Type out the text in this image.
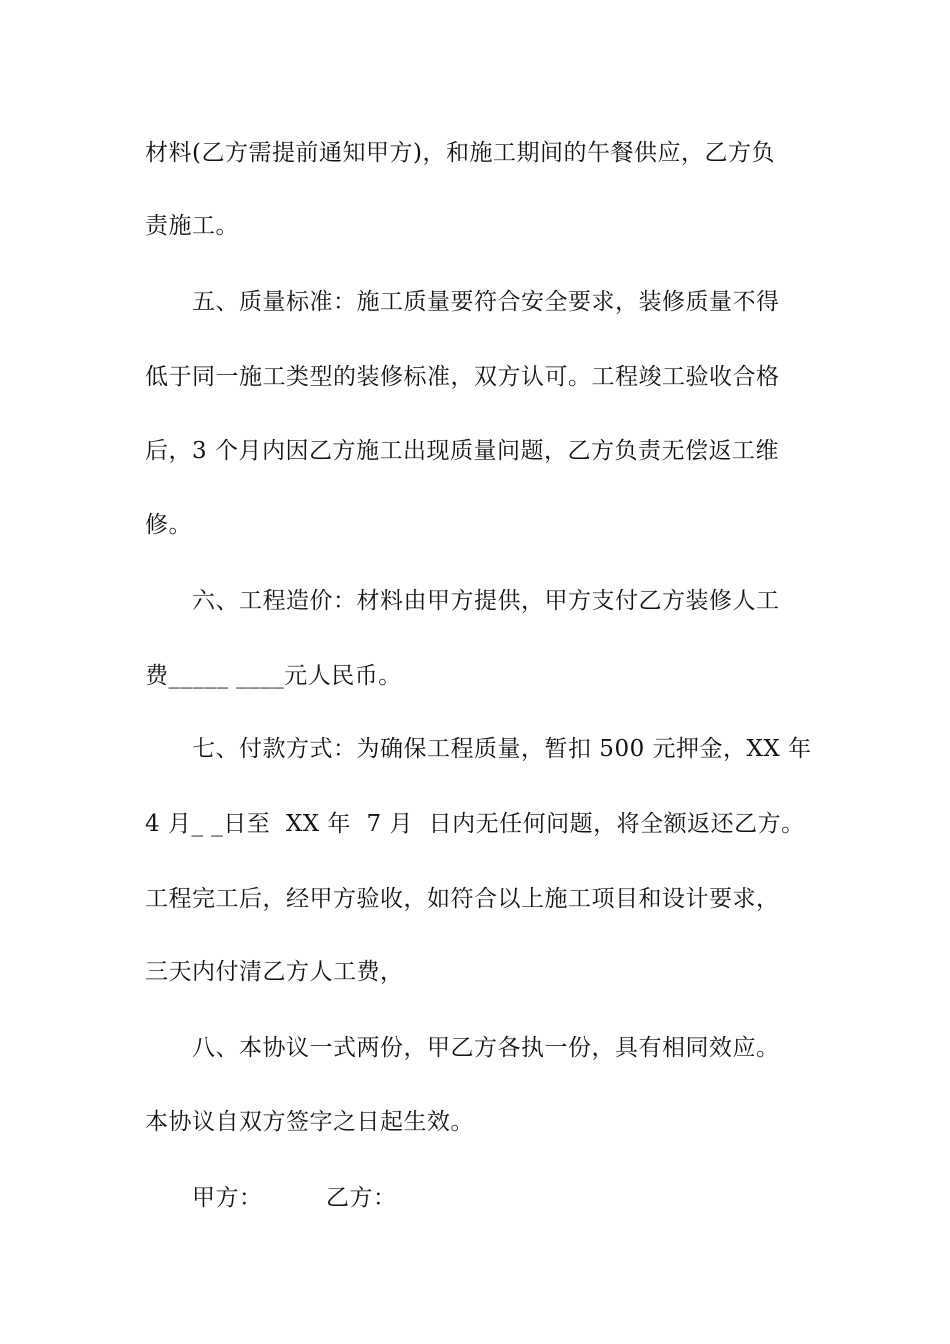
材料(乙方需提前通知甲方)，和施工期间的午餐供应，乙方负
责施工。
五、质量标准：施工质量要符合安全要求，装修质量不得
低于同一施工类型的装修标准，双方认可。工程竣工验收合格
后，3 个月内因乙方施工出现质量问题，乙方负责无偿返工维
修。
六、工程造价：材料由甲方提供，甲方支付乙方装修人工
费_____ ____元人民币。
七、付款方式：为确保工程质量，暂扣 500 元押金，XX 年
4 月_ _日至  XX 年  7 月  日内无任何问题，将全额返还乙方。
工程完工后，经甲方验收，如符合以上施工项目和设计要求，
三天内付清乙方人工费，
八、本协议一式两份，甲乙方各执一份，具有相同效应。
本协议自双方签字之日起生效。
甲方：	乙方：
